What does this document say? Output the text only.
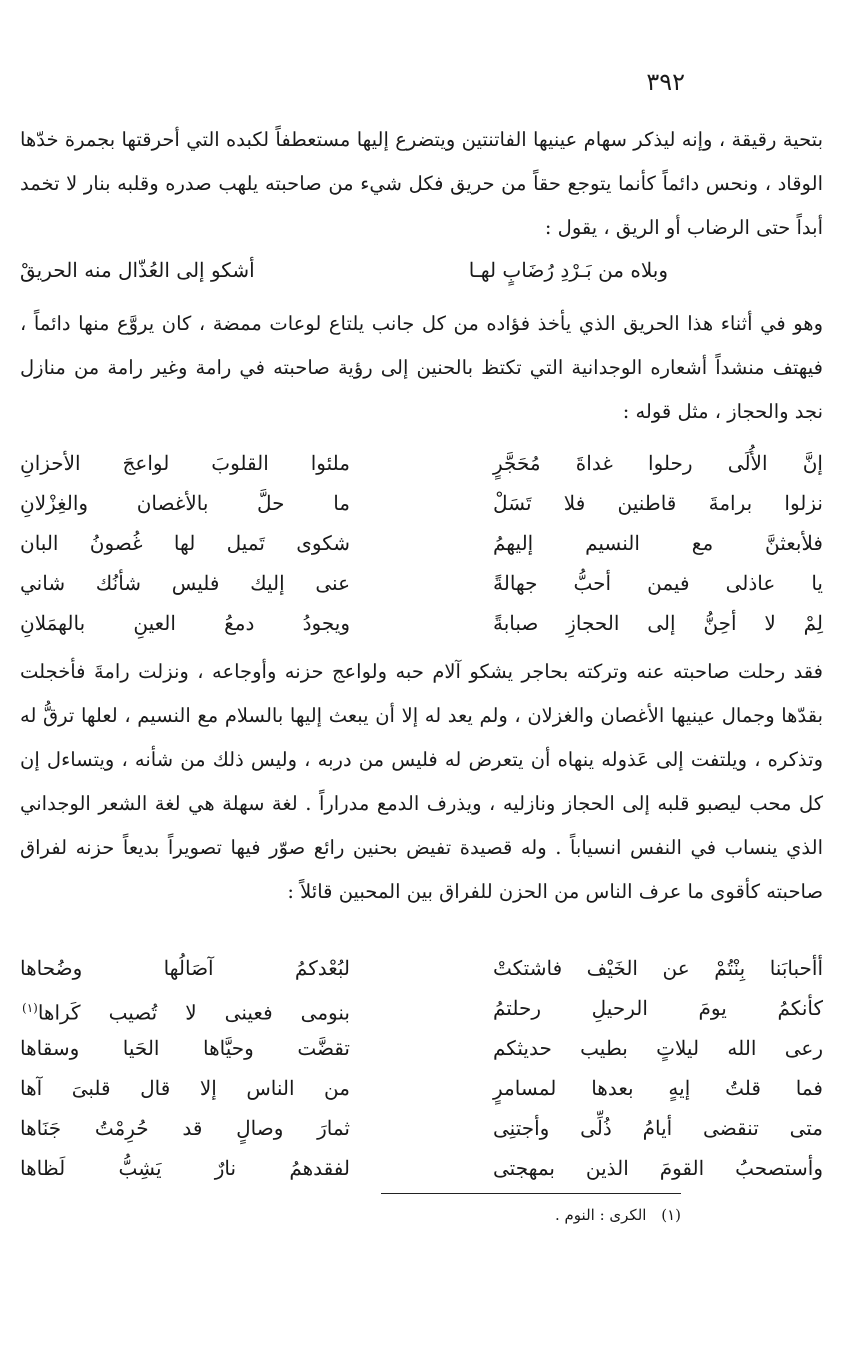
٣٩٢

بتحية رقيقة ، وإنه ليذكر سهام عينيها الفاتنتين ويتضرع إليها مستعطفاً لكبده التي أحرقتها بجمرة خدّها الوقاد ، ونحس دائماً كأنما يتوجع حقاً من حريق فكل شيء من صاحبته يلهب صدره وقلبه بنار لا تخمد أبداً حتى الرضاب أو الريق ، يقول :

وبلاه من بَـرْدِ رُضَابٍ لهـا
أشكو إلى العُذّال منه الحريقْ

وهو في أثناء هذا الحريق الذي يأخذ فؤاده من كل جانب يلتاع لوعات ممضة ، كان يروَّع منها دائماً ، فيهتف منشداً أشعاره الوجدانية التي تكتظ بالحنين إلى رؤية صاحبته في رامة وغير رامة من منازل نجد والحجاز ، مثل قوله :

إنَّ الأُلَى رحلوا غداةَ مُحَجَّرٍ
ملئوا القلوبَ لواعجَ الأحزانِ
نزلوا برامةَ قاطنين فلا تَسَلْ
ما حلَّ بالأغصان والغِزْلانِ
فلأبعثنَّ مع النسيم إليهمُ
شكوى تَميل لها غُصونُ البان
يا عاذلى فيمن أحبُّ جهالةً
عنى إليك فليس شأنُك شاني
لِمْ لا أحِنُّ إلى الحجازِ صبابةً
ويجودُ دمعُ العينِ بالهمَلانِ

فقد رحلت صاحبته عنه وتركته بحاجر يشكو آلام حبه ولواعج حزنه وأوجاعه ، ونزلت رامةَ فأخجلت بقدّها وجمال عينيها الأغصان والغزلان ، ولم يعد له إلا أن يبعث إليها بالسلام مع النسيم ، لعلها ترقُّ له وتذكره ، ويلتفت إلى عَذوله ينهاه أن يتعرض له فليس من دربه ، وليس ذلك من شأنه ، ويتساءل إن كل محب ليصبو قلبه إلى الحجاز ونازليه ، ويذرف الدمع مدراراً . لغة سهلة هي لغة الشعر الوجداني الذي ينساب في النفس انسياباً . وله قصيدة تفيض بحنين رائع صوّر فيها تصويراً بديعاً حزنه لفراق صاحبته كأقوى ما عرف الناس من الحزن للفراق بين المحبين قائلاً :

أأحبابَنا بِنْتُمْ عن الخَيْف فاشتكتْ
لبُعْدكمُ آصَالُها وضُحاها
كأنكمُ يومَ الرحيلِ رحلتمُ
بنومى فعينى لا تُصيب كَراها$^{(١)}$
رعى الله ليلاتٍ بطيب حديثكم
تقضَّت وحيَّاها الحَيا وسقاها
فما قلتُ إيهٍ بعدها لمسامرٍ
من الناس إلا قال قلبىَ آها
متى تنقضى أيامُ ذُلِّى وأجتنِى
ثمارَ وصالٍ قد حُرِمْتُ جَنَاها
وأستصحبُ القومَ الذين بمهجتى
لفقدهمُ نارٌ يَشِبُّ لَظاها
(١) الكرى : النوم .
